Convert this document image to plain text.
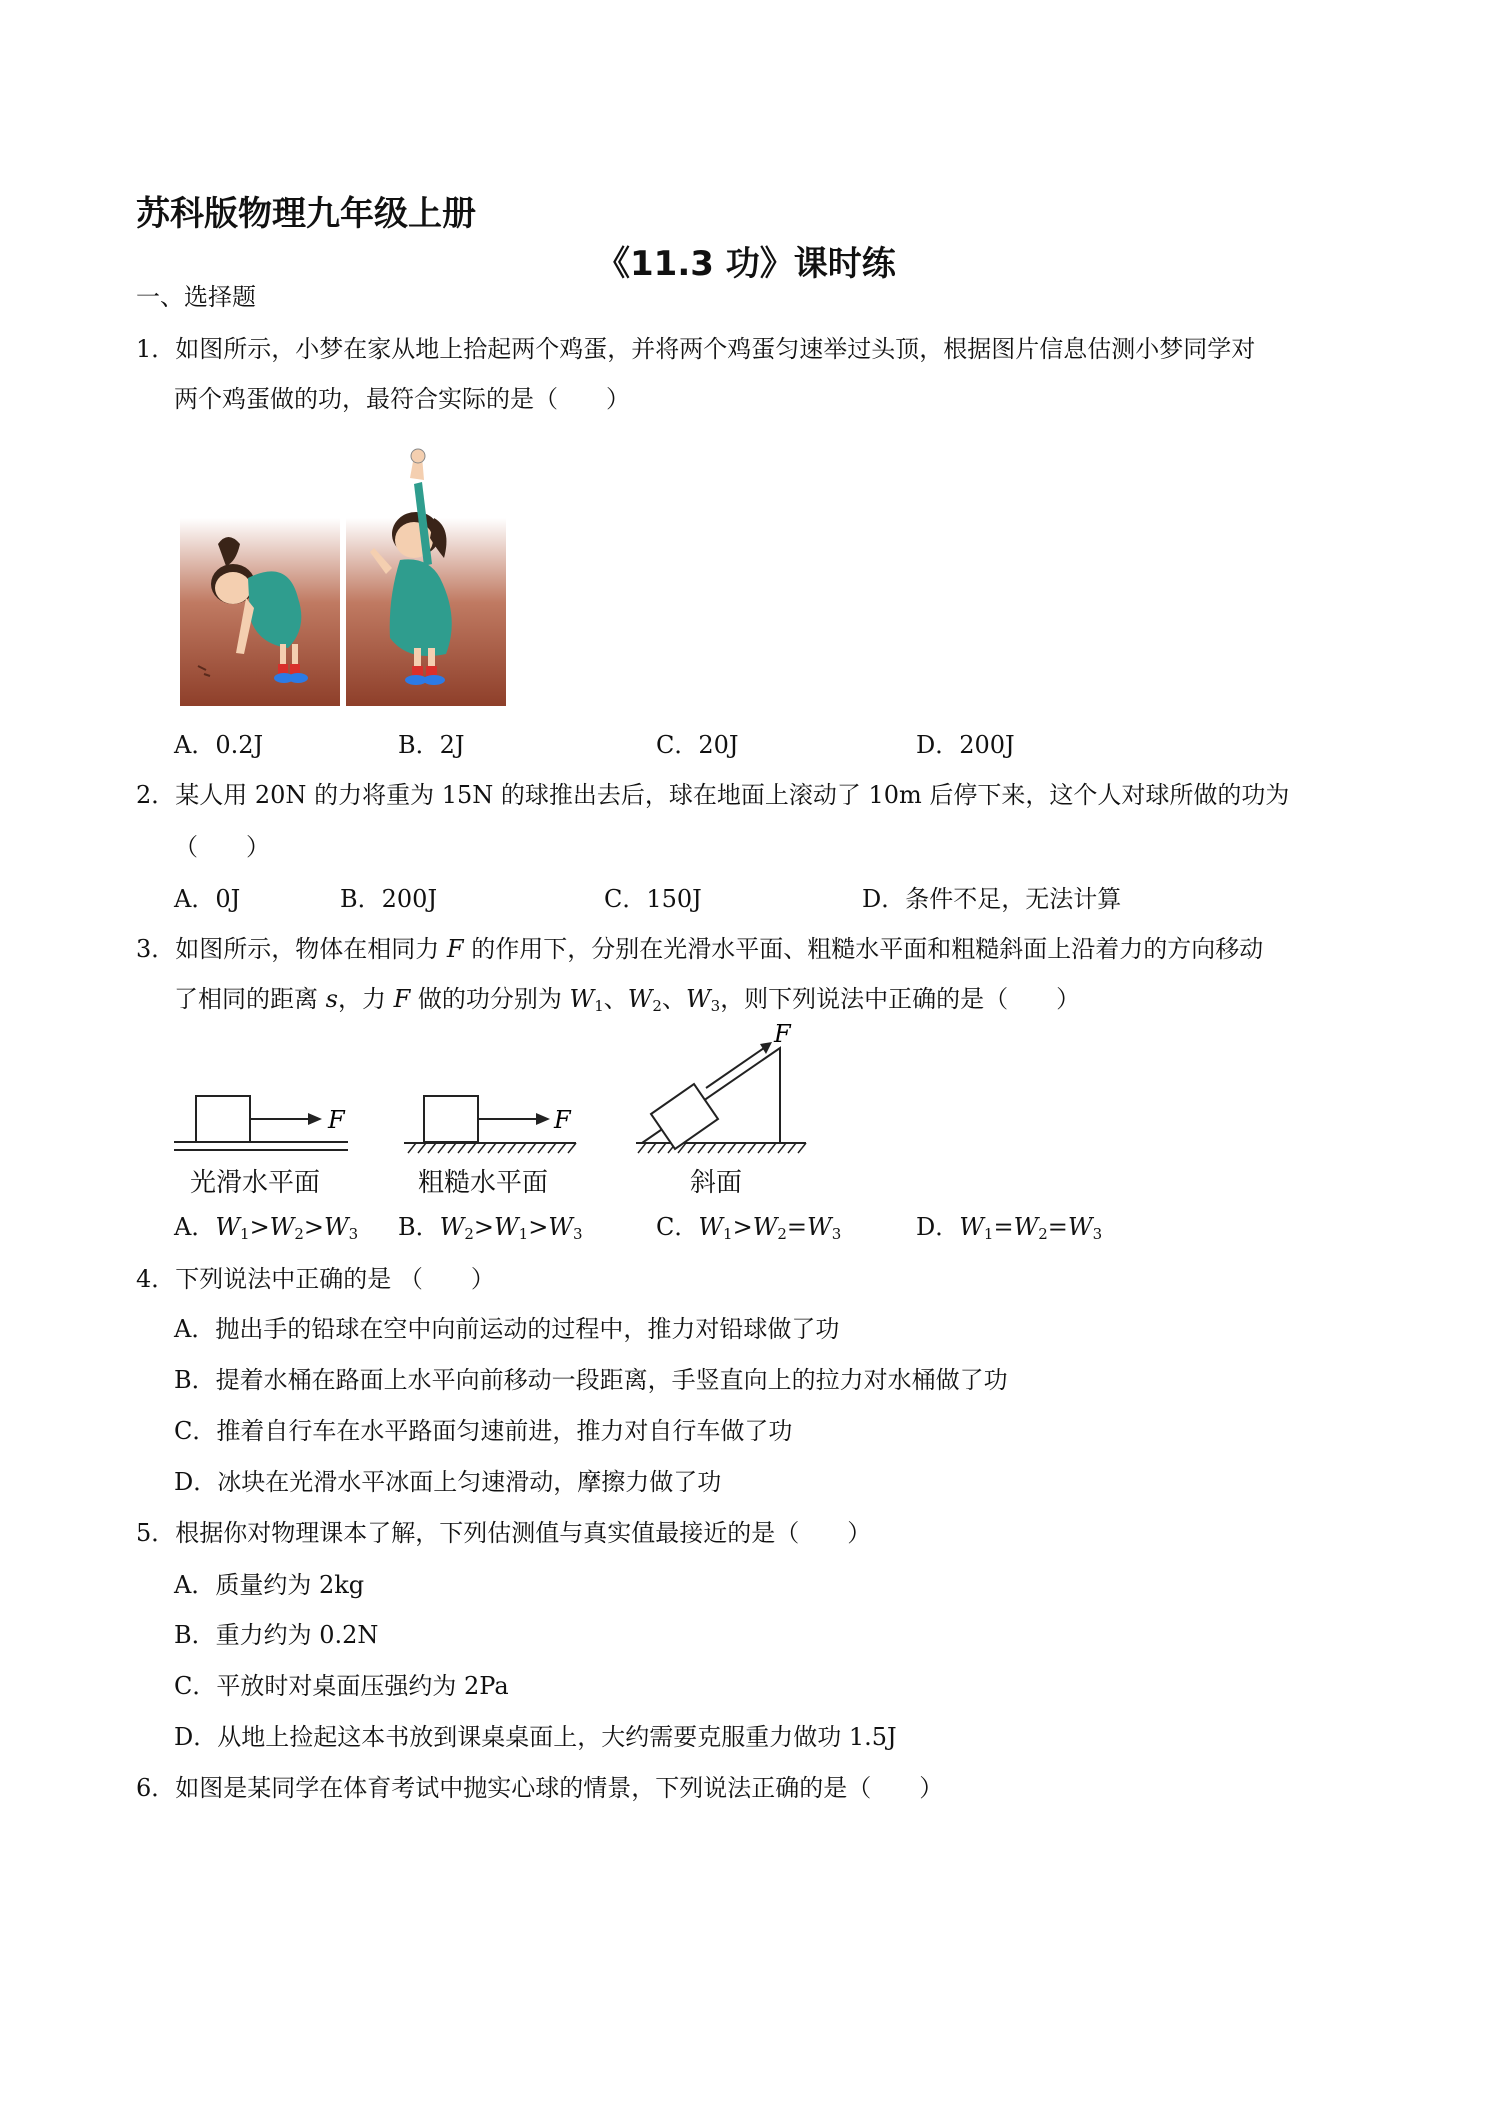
苏科版物理九年级上册
《11.3 功》课时练
一、选择题
1．如图所示，小梦在家从地上拾起两个鸡蛋，并将两个鸡蛋匀速举过头顶，根据图片信息估测小梦同学对
两个鸡蛋做的功，最符合实际的是（　　）
A．0.2J	B．2J	C．20J	D．200J
2．某人用 20N 的力将重为 15N 的球推出去后，球在地面上滚动了 10m 后停下来，这个人对球所做的功为
（　　）
A．0J	B．200J	C．150J	D．条件不足，无法计算
3．如图所示，物体在相同力 F 的作用下，分别在光滑水平面、粗糙水平面和粗糙斜面上沿着力的方向移动
了相同的距离 s，力 F 做的功分别为 $W_1$、$W_2$、$W_3$，则下列说法中正确的是（　　）
F	F
F
光滑水平面	粗糙水平面	斜面
A．$W_1>W_2>W_3$ B．$W_2>W_1>W_3$	C．$W_1>W_2=W_3$	D．$W_1=W_2=W_3$
4．下列说法中正确的是 （　　）
A．抛出手的铅球在空中向前运动的过程中，推力对铅球做了功
B．提着水桶在路面上水平向前移动一段距离，手竖直向上的拉力对水桶做了功
C．推着自行车在水平路面匀速前进，推力对自行车做了功
D．冰块在光滑水平冰面上匀速滑动，摩擦力做了功
5．根据你对物理课本了解，下列估测值与真实值最接近的是（　　）
A．质量约为 2kg
B．重力约为 0.2N
C．平放时对桌面压强约为 2Pa
D．从地上捡起这本书放到课桌桌面上，大约需要克服重力做功 1.5J
6．如图是某同学在体育考试中抛实心球的情景，下列说法正确的是（　　）
